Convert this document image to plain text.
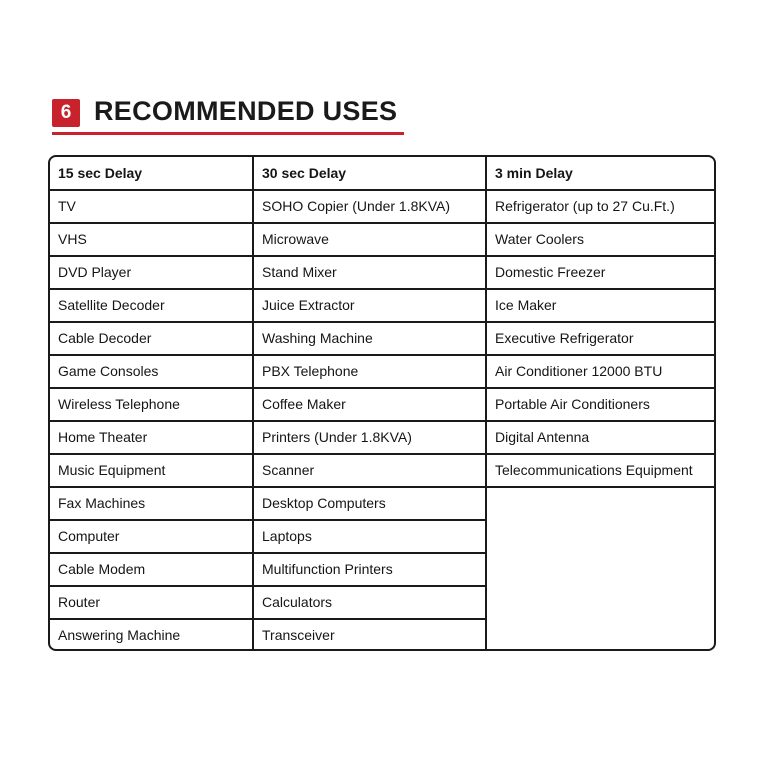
6 RECOMMENDED USES
15 sec Delay
TV
VHS
DVD Player
Satellite Decoder
Cable Decoder
Game Consoles
Wireless Telephone
Home Theater
Music Equipment
Fax Machines
Computer
Cable Modem
Router
Answering Machine
30 sec Delay
SOHO Copier (Under 1.8KVA)
Microwave
Stand Mixer
Juice Extractor
Washing Machine
PBX Telephone
Coffee Maker
Printers (Under 1.8KVA)
Scanner
Desktop Computers
Laptops
Multifunction Printers
Calculators
Transceiver
3 min Delay
Refrigerator (up to 27 Cu.Ft.)
Water Coolers
Domestic Freezer
Ice Maker
Executive Refrigerator
Air Conditioner 12000 BTU
Portable Air Conditioners
Digital Antenna
Telecommunications Equipment
